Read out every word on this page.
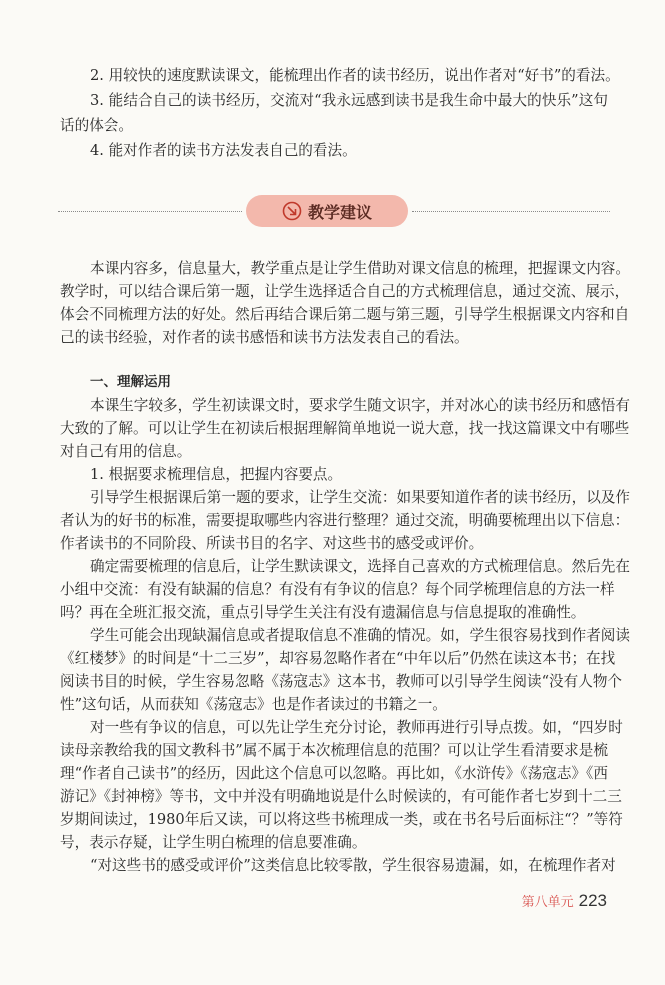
2. 用较快的速度默读课文，能梳理出作者的读书经历，说出作者对“好书”的看法。
3. 能结合自己的读书经历，交流对“我永远感到读书是我生命中最大的快乐”这句
话的体会。
4. 能对作者的读书方法发表自己的看法。
教学建议
本课内容多，信息量大，教学重点是让学生借助对课文信息的梳理，把握课文内容。
教学时，可以结合课后第一题，让学生选择适合自己的方式梳理信息，通过交流、展示，
体会不同梳理方法的好处。然后再结合课后第二题与第三题，引导学生根据课文内容和自
己的读书经验，对作者的读书感悟和读书方法发表自己的看法。
一、理解运用
本课生字较多，学生初读课文时，要求学生随文识字，并对冰心的读书经历和感悟有
大致的了解。可以让学生在初读后根据理解简单地说一说大意，找一找这篇课文中有哪些
对自己有用的信息。
1. 根据要求梳理信息，把握内容要点。
引导学生根据课后第一题的要求，让学生交流：如果要知道作者的读书经历，以及作
者认为的好书的标准，需要提取哪些内容进行整理？通过交流，明确要梳理出以下信息：
作者读书的不同阶段、所读书目的名字、对这些书的感受或评价。
确定需要梳理的信息后，让学生默读课文，选择自己喜欢的方式梳理信息。然后先在
小组中交流：有没有缺漏的信息？有没有有争议的信息？每个同学梳理信息的方法一样
吗？再在全班汇报交流，重点引导学生关注有没有遗漏信息与信息提取的准确性。
学生可能会出现缺漏信息或者提取信息不准确的情况。如，学生很容易找到作者阅读
《红楼梦》的时间是“十二三岁”，却容易忽略作者在“中年以后”仍然在读这本书；在找
阅读书目的时候，学生容易忽略《荡寇志》这本书，教师可以引导学生阅读“没有人物个
性”这句话，从而获知《荡寇志》也是作者读过的书籍之一。
对一些有争议的信息，可以先让学生充分讨论，教师再进行引导点拨。如，“四岁时
读母亲教给我的国文教科书”属不属于本次梳理信息的范围？可以让学生看清要求是梳
理“作者自己读书”的经历，因此这个信息可以忽略。再比如，《水浒传》《荡寇志》《西
游记》《封神榜》等书，文中并没有明确地说是什么时候读的，有可能作者七岁到十二三
岁期间读过，1980年后又读，可以将这些书梳理成一类，或在书名号后面标注“？”等符
号，表示存疑，让学生明白梳理的信息要准确。
“对这些书的感受或评价”这类信息比较零散，学生很容易遗漏，如，在梳理作者对
第八单元 223
